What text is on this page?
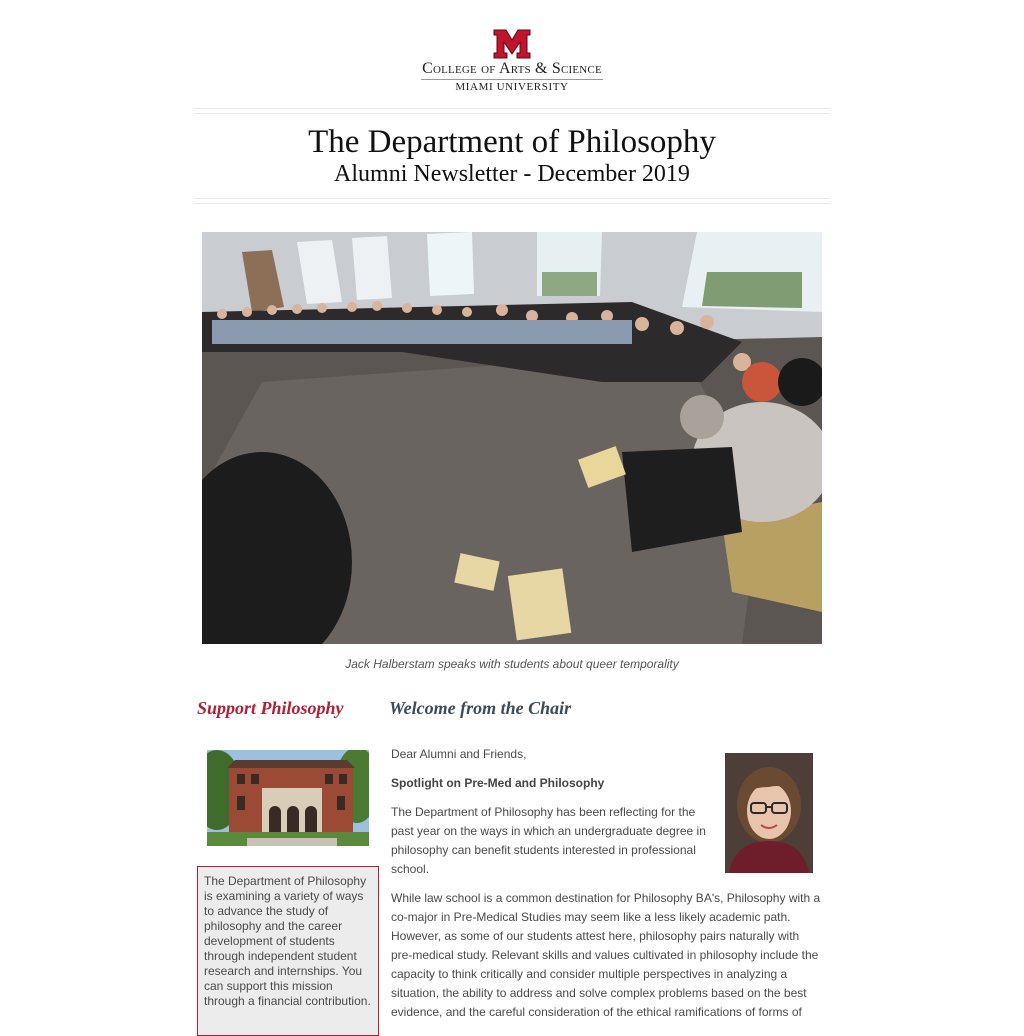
College of Arts & Science
MIAMI UNIVERSITY
The Department of Philosophy
Alumni Newsletter - December 2019
Jack Halberstam speaks with students about queer temporality
Support Philosophy	Welcome from the Chair
The Department of Philosophy is examining a variety of ways to advance the study of philosophy and the career development of students through independent student research and internships. You can support this mission through a financial contribution.

Dear Alumni and Friends,

Spotlight on Pre-Med and Philosophy

The Department of Philosophy has been reflecting for the past year on the ways in which an undergraduate degree in philosophy can benefit students interested in professional school.

While law school is a common destination for Philosophy BA's, Philosophy with a co-major in Pre-Medical Studies may seem like a less likely academic path. However, as some of our students attest here, philosophy pairs naturally with pre-medical study. Relevant skills and values cultivated in philosophy include the capacity to think critically and consider multiple perspectives in analyzing a situation, the ability to address and solve complex problems based on the best evidence, and the careful consideration of the ethical ramifications of forms of
